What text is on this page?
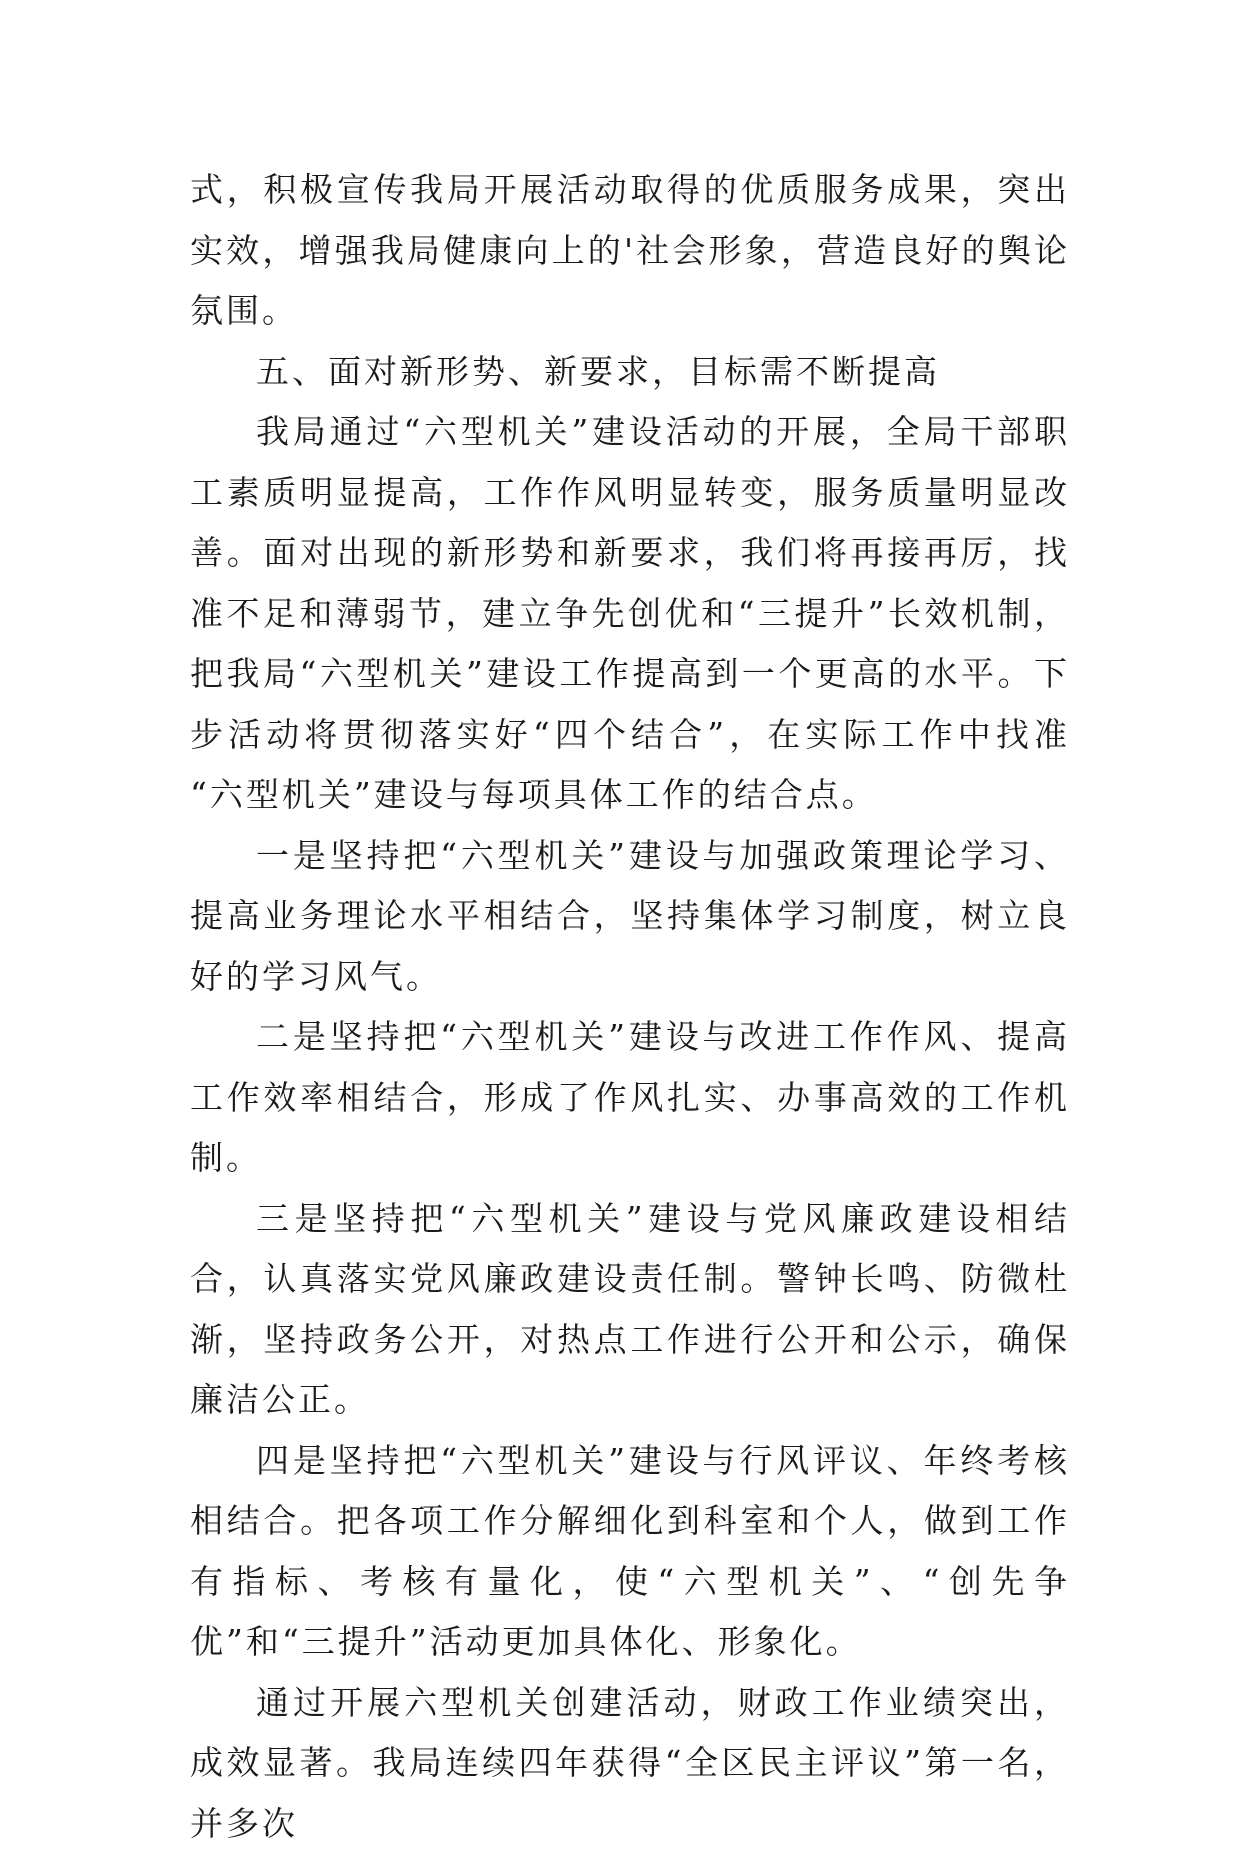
式，积极宣传我局开展活动取得的优质服务成果，突出实效，增强我局健康向上的'社会形象，营造良好的舆论氛围。

五、面对新形势、新要求，目标需不断提高

我局通过“六型机关”建设活动的开展，全局干部职工素质明显提高，工作作风明显转变，服务质量明显改善。面对出现的新形势和新要求，我们将再接再厉，找准不足和薄弱节，建立争先创优和“三提升”长效机制，把我局“六型机关”建设工作提高到一个更高的水平。下步活动将贯彻落实好“四个结合”，在实际工作中找准 “六型机关”建设与每项具体工作的结合点。

一是坚持把“六型机关”建设与加强政策理论学习、提高业务理论水平相结合，坚持集体学习制度，树立良好的学习风气。

二是坚持把“六型机关”建设与改进工作作风、提高工作效率相结合，形成了作风扎实、办事高效的工作机制。

三是坚持把“六型机关”建设与党风廉政建设相结合，认真落实党风廉政建设责任制。警钟长鸣、防微杜渐，坚持政务公开，对热点工作进行公开和公示，确保廉洁公正。

四是坚持把“六型机关”建设与行风评议、年终考核相结合。把各项工作分解细化到科室和个人，做到工作有指标、考核有量化，使“六型机关”、“创先争优”和“三提升”活动更加具体化、形象化。

通过开展六型机关创建活动，财政工作业绩突出，成效显著。我局连续四年获得“全区民主评议”第一名，并多次
